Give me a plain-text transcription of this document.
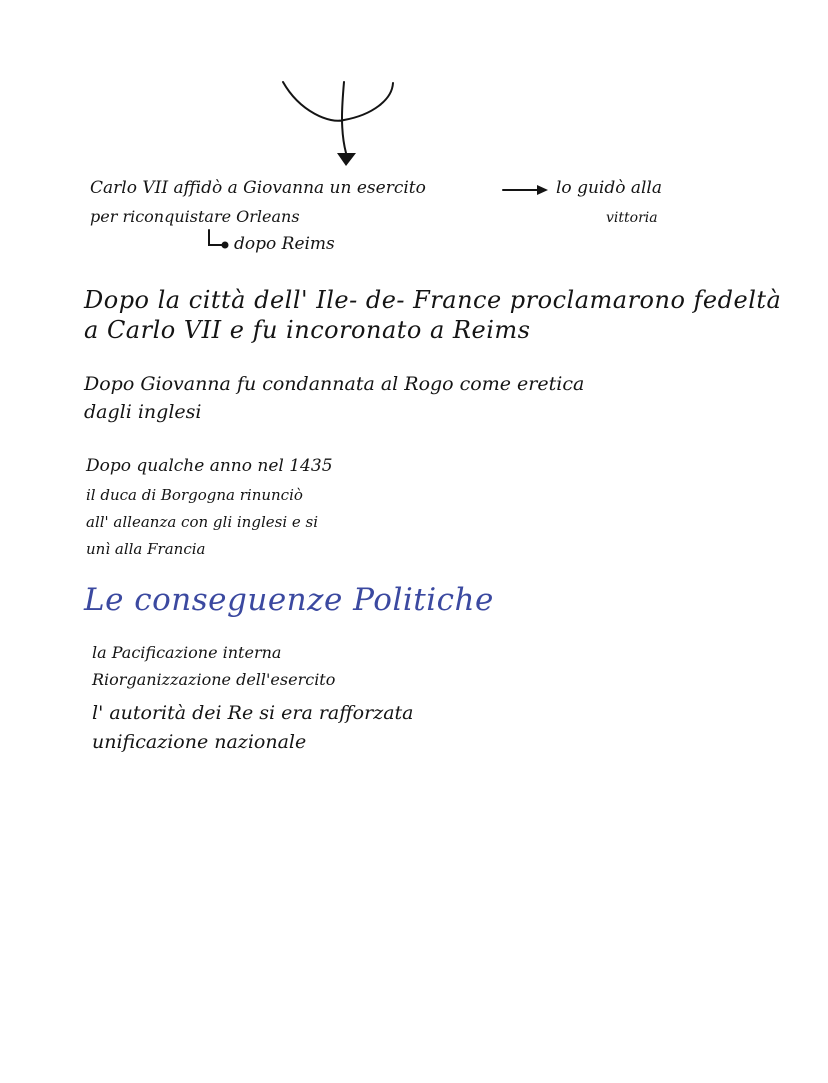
Carlo VII affidò a Giovanna un esercito	lo guidò alla
vittoria
per riconquistare Orleans
dopo Reims
Dopo la città dell' Ile- de- France proclamarono fedeltà
a Carlo VII e fu incoronato a Reims
Dopo Giovanna fu condannata al Rogo come eretica
dagli inglesi
Dopo qualche anno nel 1435
il duca di Borgogna rinunciò
all' alleanza con gli inglesi e si
unì alla Francia
Le conseguenze Politiche
la Pacificazione interna
Riorganizzazione dell'esercito
l' autorità dei Re si era rafforzata
unificazione nazionale
